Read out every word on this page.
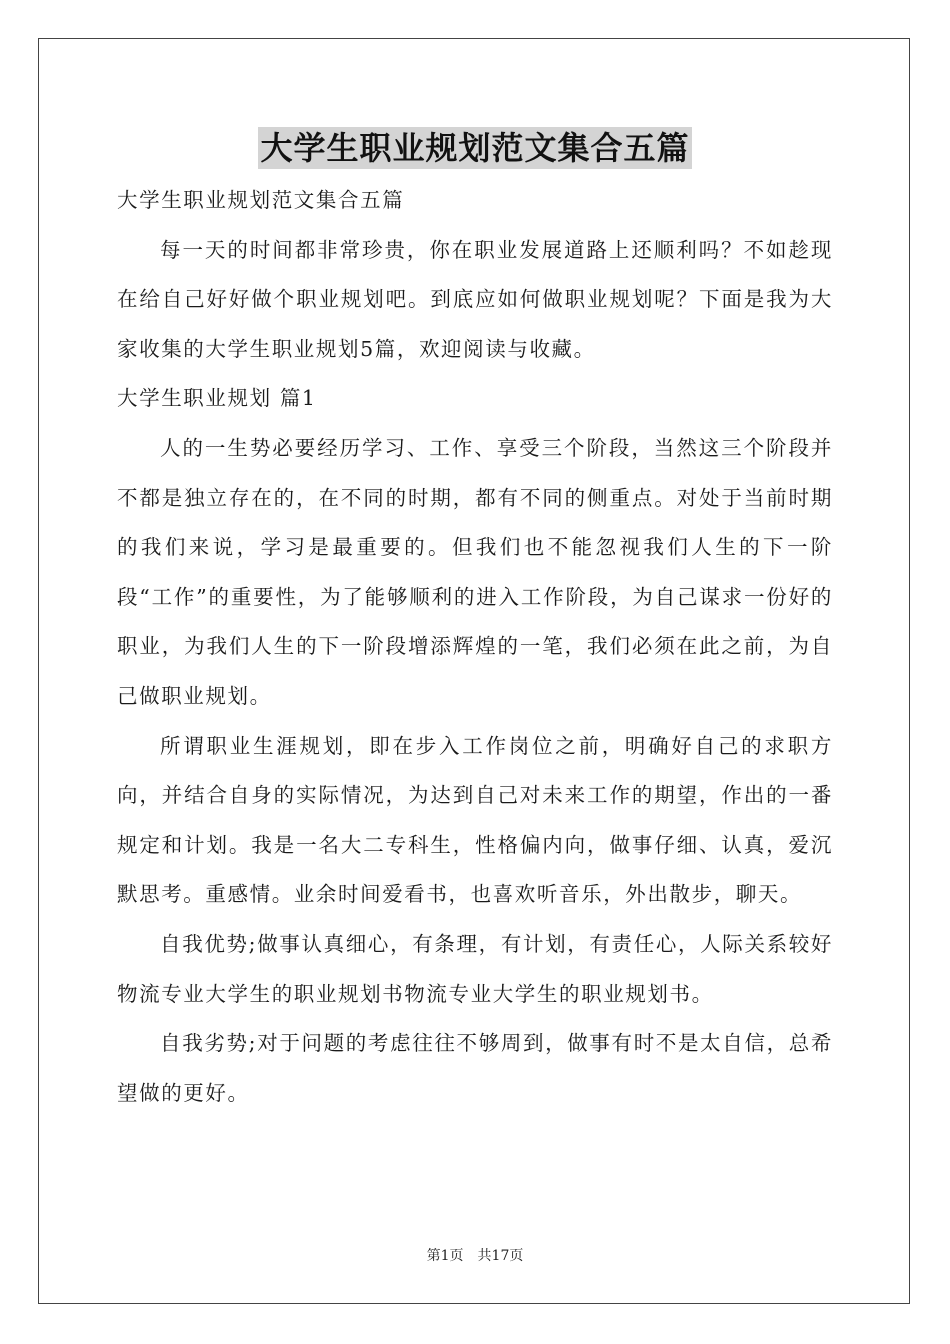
大学生职业规划范文集合五篇

大学生职业规划范文集合五篇

每一天的时间都非常珍贵，你在职业发展道路上还顺利吗？不如趁现在给自己好好做个职业规划吧。到底应如何做职业规划呢？下面是我为大家收集的大学生职业规划5篇，欢迎阅读与收藏。

大学生职业规划 篇1

人的一生势必要经历学习、工作、享受三个阶段，当然这三个阶段并不都是独立存在的，在不同的时期，都有不同的侧重点。对处于当前时期的我们来说，学习是最重要的。但我们也不能忽视我们人生的下一阶段“工作”的重要性，为了能够顺利的进入工作阶段，为自己谋求一份好的职业，为我们人生的下一阶段增添辉煌的一笔，我们必须在此之前，为自己做职业规划。

所谓职业生涯规划，即在步入工作岗位之前，明确好自己的求职方向，并结合自身的实际情况，为达到自己对未来工作的期望，作出的一番规定和计划。我是一名大二专科生，性格偏内向，做事仔细、认真，爱沉默思考。重感情。业余时间爱看书，也喜欢听音乐，外出散步，聊天。

自我优势;做事认真细心，有条理，有计划，有责任心，人际关系较好物流专业大学生的职业规划书物流专业大学生的职业规划书。

自我劣势;对于问题的考虑往往不够周到，做事有时不是太自信，总希望做的更好。

第1页　共17页
